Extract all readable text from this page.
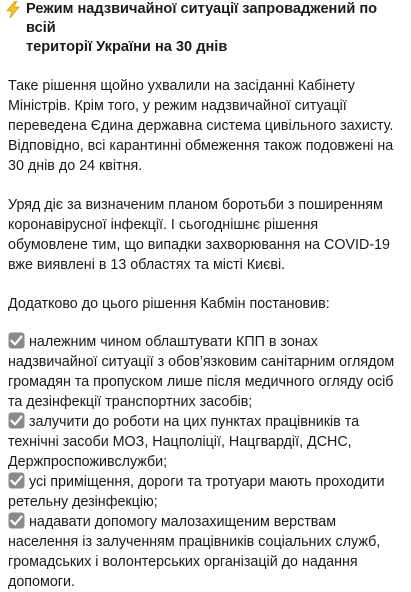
Режим надзвичайної ситуації запроваджений по всій
території України на 30 днів
Таке рішення щойно ухвалили на засіданні Кабінету Міністрів. Крім того, у режим надзвичайної ситуації переведена Єдина державна система цивільного захисту. Відповідно, всі карантинні обмеження також подовжені на 30 днів до 24 квітня.
Уряд діє за визначеним планом боротьби з поширенням коронавірусної інфекції. І сьогоднішнє рішення обумовлене тим, що випадки захворювання на COVID-19 вже виявлені в 13 областях та місті Києві.
Додатково до цього рішення Кабмін постановив:
належним чином облаштувати КПП в зонах надзвичайної ситуації з обов’язковим санітарним оглядом громадян та пропуском лише після медичного огляду осіб та дезінфекції транспортних засобів;
залучити до роботи на цих пунктах працівників та технічні засоби МОЗ, Нацполіції, Нацгвардії, ДСНС, Держпроспоживслужби;
усі приміщення, дороги та тротуари мають проходити ретельну дезінфекцію;
надавати допомогу малозахищеним верствам населення із залученням працівників соціальних служб, громадських і волонтерських організацій до надання допомоги.
